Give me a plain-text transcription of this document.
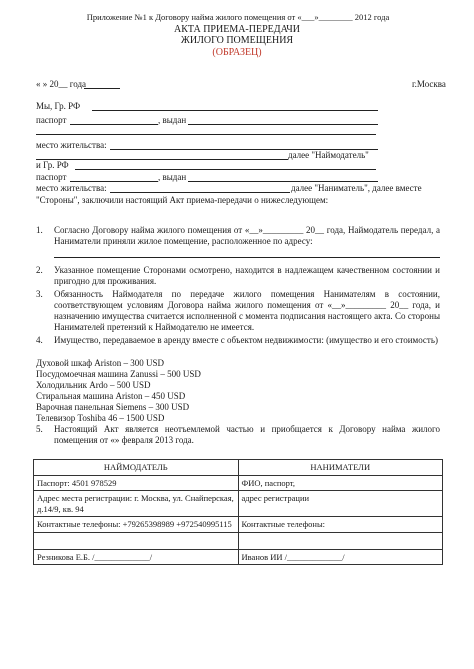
Приложение №1 к Договору найма жилого помещения от «___»________ 2012 года
АКТА ПРИЕМА-ПЕРЕДАЧИ
ЖИЛОГО ПОМЕЩЕНИЯ
(ОБРАЗЕЦ)
« » 20__ года	г.Москва
Мы, Гр. РФ
паспорт	, выдан
место жительства:
далее "Наймодатель"
и Гр. РФ
паспорт	, выдан
место жительства:	далее "Наниматель", далее вместе
"Стороны", заключили настоящий Акт приема-передачи о нижеследующем:
1. Согласно Договору найма жилого помещения от «__»_________ 20__ года, Наймодатель передал, а Наниматели приняли жилое помещение, расположенное по адресу:
2. Указанное помещение Сторонами осмотрено, находится в надлежащем качественном состоянии и пригодно для проживания.
3. Обязанность Наймодателя по передаче жилого помещения Нанимателям в состоянии, соответствующем условиям Договора найма жилого помещения от «__»_________ 20__ года, и назначению имущества считается исполненной с момента подписания настоящего акта. Со стороны Нанимателей претензий к Наймодателю не имеется.
4. Имущество, передаваемое в аренду вместе с объектом недвижимости: (имущество и его стоимость)
Духовой шкаф Ariston – 300 USD
Посудомоечная машина Zanussi – 500 USD
Холодильник Ardo – 500 USD
Стиральная машина Ariston – 450 USD
Варочная панельная Siemens – 300 USD
Телевизор Toshiba 46 – 1500 USD
5. Настоящий Акт является неотъемлемой частью и приобщается к Договору найма жилого помещения от «» февраля 2013 года.
НАЙМОДАТЕЛЬ	НАНИМАТЕЛИ
Паспорт: 4501 978529	ФИО, паспорт,
Адрес места регистрации: г. Москва, ул. Снайперская, д.14/9, кв. 94	адрес регистрации
Контактные телефоны: +79265398989 +972540995115	Контактные телефоны:

Резникова Е.Б. /_____________/	Иванов ИИ /_____________/
